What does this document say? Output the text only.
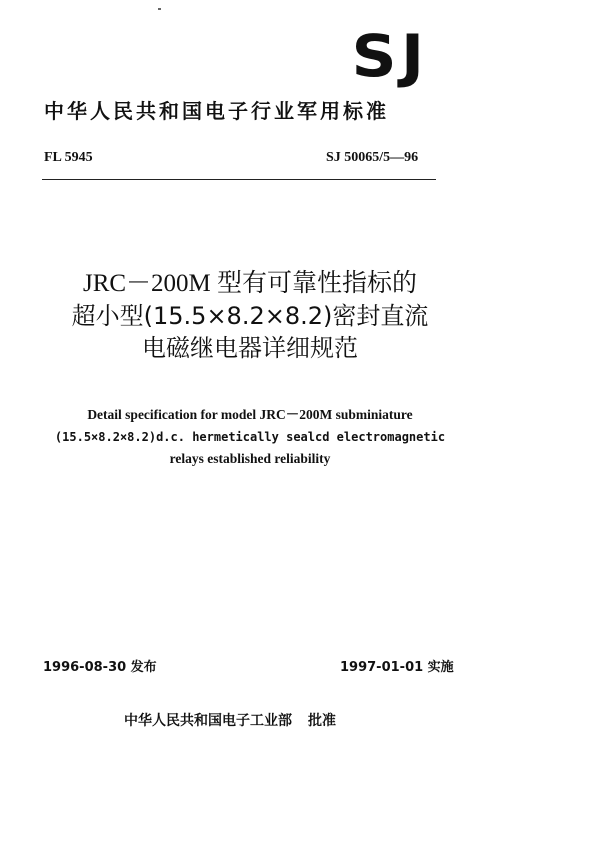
SJ
中华人民共和国电子行业军用标准
FL 5945	SJ 50065/5—96
JRC－200M 型有可靠性指标的
超小型(15.5×8.2×8.2)密封直流
电磁继电器详细规范
Detail specification for model JRC－200M subminiature
(15.5×8.2×8.2)d.c. hermetically sealcd electromagnetic
relays established reliability
1996-08-30 发布	1997-01-01 实施
中华人民共和国电子工业部 批准
